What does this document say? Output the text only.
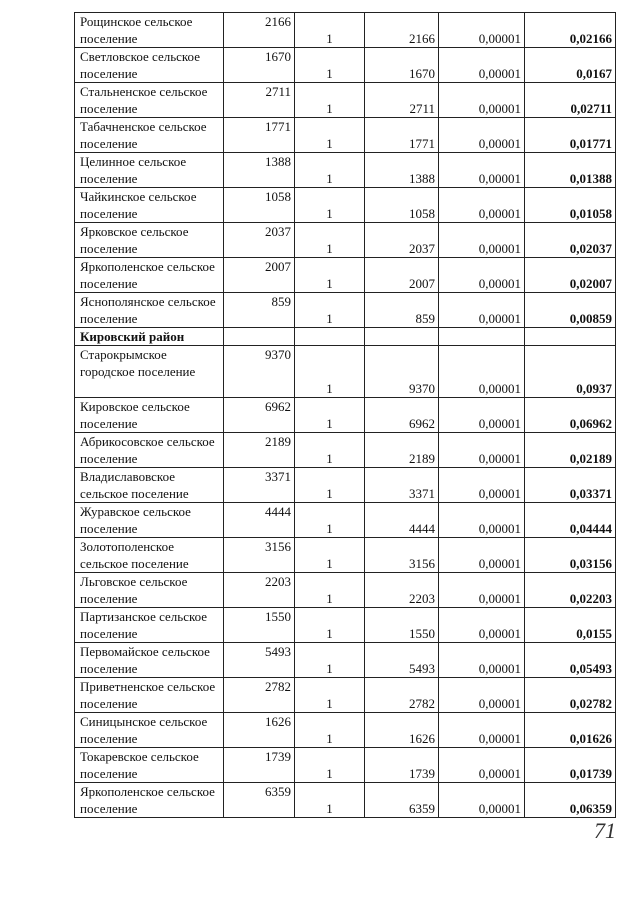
Рощинское сельское поселение	2166	1	2166	0,00001	0,02166
Светловское сельское поселение	1670	1	1670	0,00001	0,0167
Стальненское сельское поселение	2711	1	2711	0,00001	0,02711
Табачненское сельское поселение	1771	1	1771	0,00001	0,01771
Целинное сельское поселение	1388	1	1388	0,00001	0,01388
Чайкинское сельское поселение	1058	1	1058	0,00001	0,01058
Ярковское сельское поселение	2037	1	2037	0,00001	0,02037
Яркополенское сельское поселение	2007	1	2007	0,00001	0,02007
Яснополянское сельское поселение	859	1	859	0,00001	0,00859
Кировский район					
Старокрымское городское поселение	9370	1	9370	0,00001	0,0937
Кировское сельское поселение	6962	1	6962	0,00001	0,06962
Абрикосовское сельское поселение	2189	1	2189	0,00001	0,02189
Владиславовское сельское поселение	3371	1	3371	0,00001	0,03371
Журавское сельское поселение	4444	1	4444	0,00001	0,04444
Золотополенское сельское поселение	3156	1	3156	0,00001	0,03156
Льговское сельское поселение	2203	1	2203	0,00001	0,02203
Партизанское сельское поселение	1550	1	1550	0,00001	0,0155
Первомайское сельское поселение	5493	1	5493	0,00001	0,05493
Приветненское сельское поселение	2782	1	2782	0,00001	0,02782
Синицынское сельское поселение	1626	1	1626	0,00001	0,01626
Токаревское сельское поселение	1739	1	1739	0,00001	0,01739
Яркополенское сельское поселение	6359	1	6359	0,00001	0,06359
71
